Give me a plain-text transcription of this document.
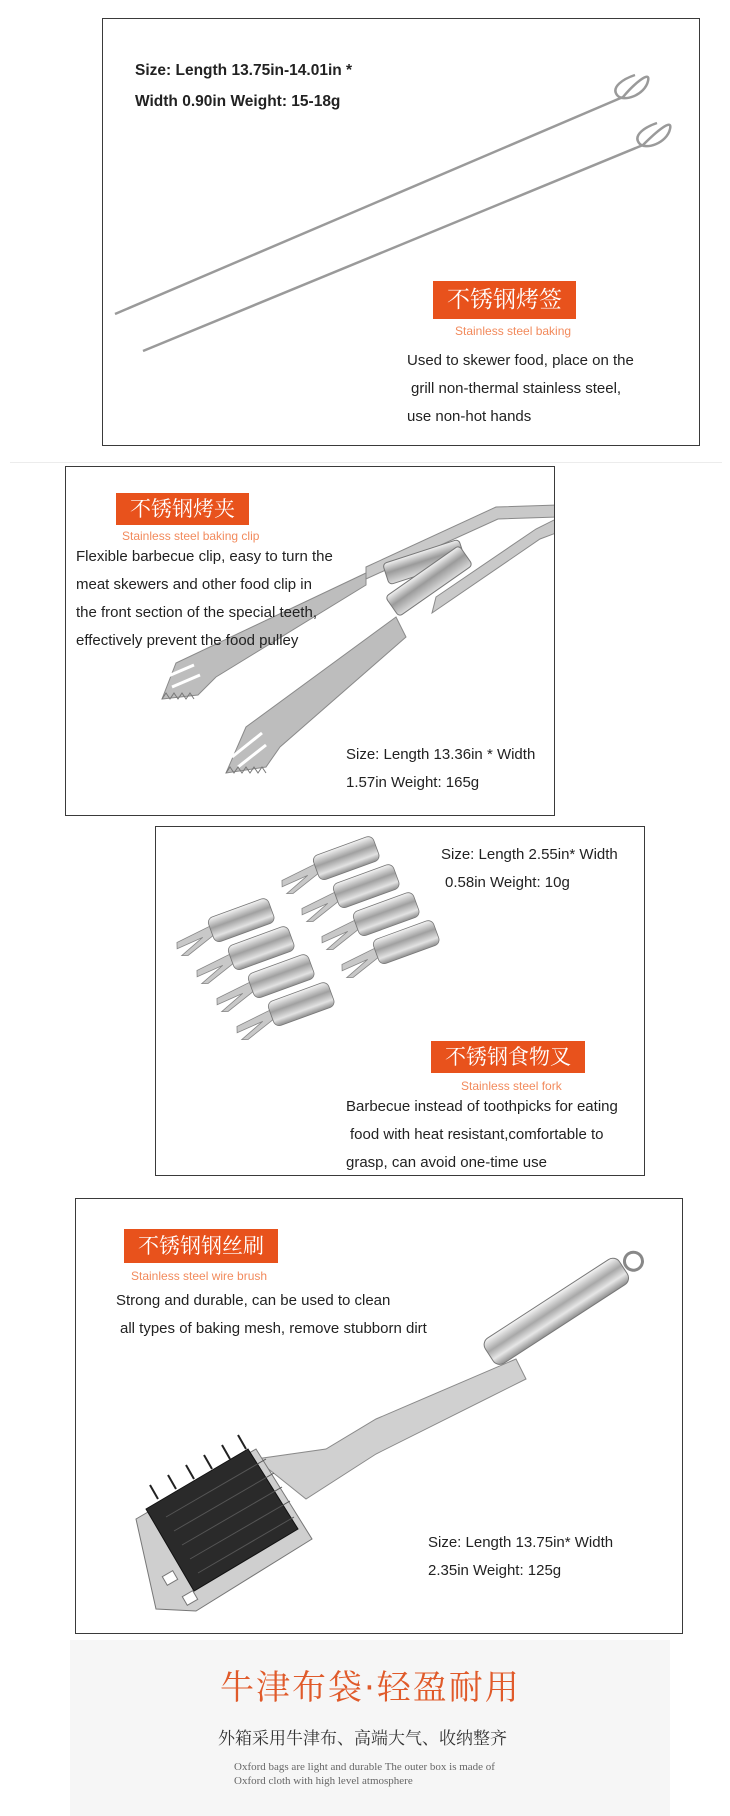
Size: Length 13.75in-14.01in *
Width 0.90in Weight: 15-18g
不锈钢烤签
Stainless steel baking
Used to skewer food, place on the
grill non-thermal stainless steel,
use non-hot hands
不锈钢烤夹
Stainless steel baking clip
Flexible barbecue clip, easy to turn the
meat skewers and other food clip in
the front section of the special teeth,
effectively prevent the food pulley
Size: Length 13.36in * Width
1.57in Weight: 165g
Size: Length 2.55in* Width
0.58in Weight: 10g
不锈钢食物叉
Stainless steel fork
Barbecue instead of toothpicks for eating
food with heat resistant,comfortable to
grasp, can avoid one-time use
不锈钢钢丝刷
Stainless steel wire brush
Strong and durable, can be used to clean
all types of baking mesh, remove stubborn dirt
Size: Length 13.75in* Width
2.35in Weight: 125g
牛津布袋·轻盈耐用
外箱采用牛津布、高端大气、收纳整齐
Oxford bags are light and durable The outer box is made of
Oxford cloth with high level atmosphere
